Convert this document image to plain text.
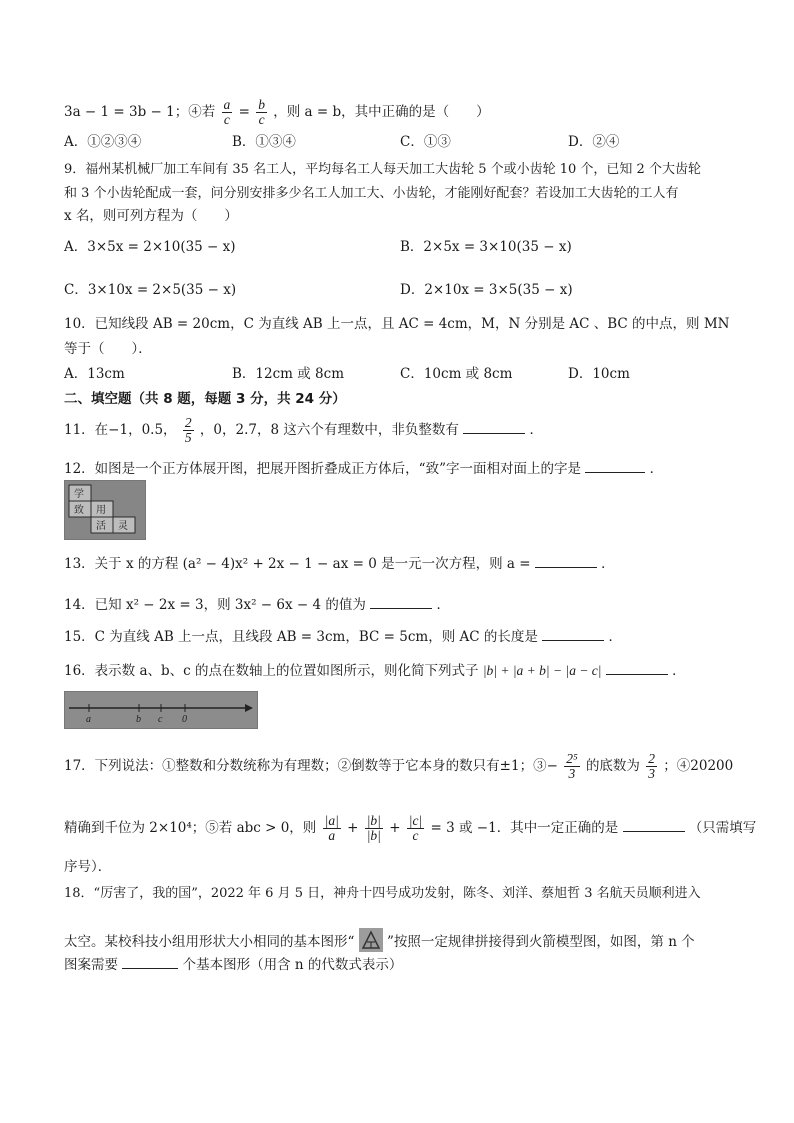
3a − 1 = 3b − 1；④若 $\frac{a}{c} = \frac{b}{c}$ ，则 a = b，其中正确的是（　　）
A．①②③④	B．①③④	C．①③	D．②④
9．福州某机械厂加工车间有 35 名工人，平均每名工人每天加工大齿轮 5 个或小齿轮 10 个，已知 2 个大齿轮
和 3 个小齿轮配成一套，问分别安排多少名工人加工大、小齿轮，才能刚好配套？若设加工大齿轮的工人有
x 名，则可列方程为（　　）
A．3×5x = 2×10(35 − x)	B．2×5x = 3×10(35 − x)
C．3×10x = 2×5(35 − x)	D．2×10x = 3×5(35 − x)
10．已知线段 AB = 20cm，C 为直线 AB 上一点，且 AC = 4cm，M，N 分别是 AC 、BC 的中点，则 MN
等于（　　）．
A．13cm	B．12cm 或 8cm	C．10cm 或 8cm	D．10cm
二、填空题（共 8 题，每题 3 分，共 24 分）
11．在−1，0.5， $\frac{2}{5}$ ，0，2.7，8 这六个有理数中，非负整数有	．
12．如图是一个正方体展开图，把展开图折叠成正方体后，“致”字一面相对面上的字是	．
学
致 用
活 灵
13．关于 x 的方程 (a² − 4)x² + 2x − 1 − ax = 0 是一元一次方程，则 a =	．
14．已知 x² − 2x = 3，则 3x² − 6x − 4 的值为	．
15．C 为直线 AB 上一点，且线段 AB = 3cm，BC = 5cm，则 AC 的长度是	．
16．表示数 a、b、c 的点在数轴上的位置如图所示，则化简下列式子 |b| + |a + b| − |a − c|	．
a	b c 0
17．下列说法：①整数和分数统称为有理数；②倒数等于它本身的数只有±1；③− $\frac{\text{2⁵}}{3}$ 的底数为 $\frac{2}{3}$ ；④20200
精确到千位为 2×10⁴；⑤若 abc > 0，则 $\frac{|a|}{a} + \frac{|b|}{|b|} + \frac{|c|}{c} = 3$ 或 −1．其中一定正确的是	（只需填写
序号）．
18．“厉害了，我的国”，2022 年 6 月 5 日，神舟十四号成功发射，陈冬、刘洋、蔡旭哲 3 名航天员顺利进入
太空。某校科技小组用形状大小相同的基本图形“ ”按照一定规律拼接得到火箭模型图，如图，第 n 个
图案需要	个基本图形（用含 n 的代数式表示）
